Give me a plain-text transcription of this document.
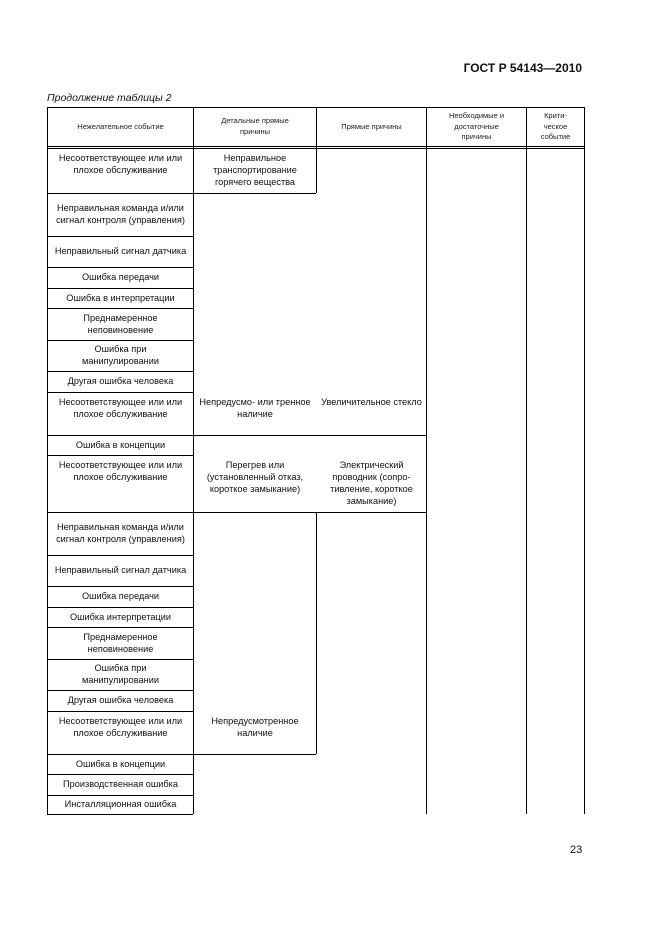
ГОСТ Р 54143—2010
Продолжение таблицы 2
Нежелательное событие
Детальные прямые причины
Прямые причины
Необходимые и достаточные причины
Крити- ческое событие
Несоответствующее или или плохое обслуживание
Неправильная команда и/или сигнал контроля (управления)
Неправильный сигнал датчика
Ошибка передачи
Ошибка в интерпретации
Преднамеренное неповиновение
Ошибка при манипулировании
Другая ошибка человека
Несоответствующее или или плохое обслуживание
Ошибка в концепции
Несоответствующее или или плохое обслуживание
Неправильная команда и/или сигнал контроля (управления)
Неправильный сигнал датчика
Ошибка передачи
Ошибка интерпретации
Преднамеренное неповиновение
Ошибка при манипулировании
Другая ошибка человека
Несоответствующее или или плохое обслуживание
Ошибка в концепции
Производственная ошибка
Инсталляционная ошибка
Неправильное транспортирование горячего вещества
Непредусмо- или тренное наличие
Перегрев или (установленный отказ, короткое замыкание)
Непредусмотренное наличие
Увеличительное стекло
Электрический проводник (сопро- тивление, короткое замыкание)
23
